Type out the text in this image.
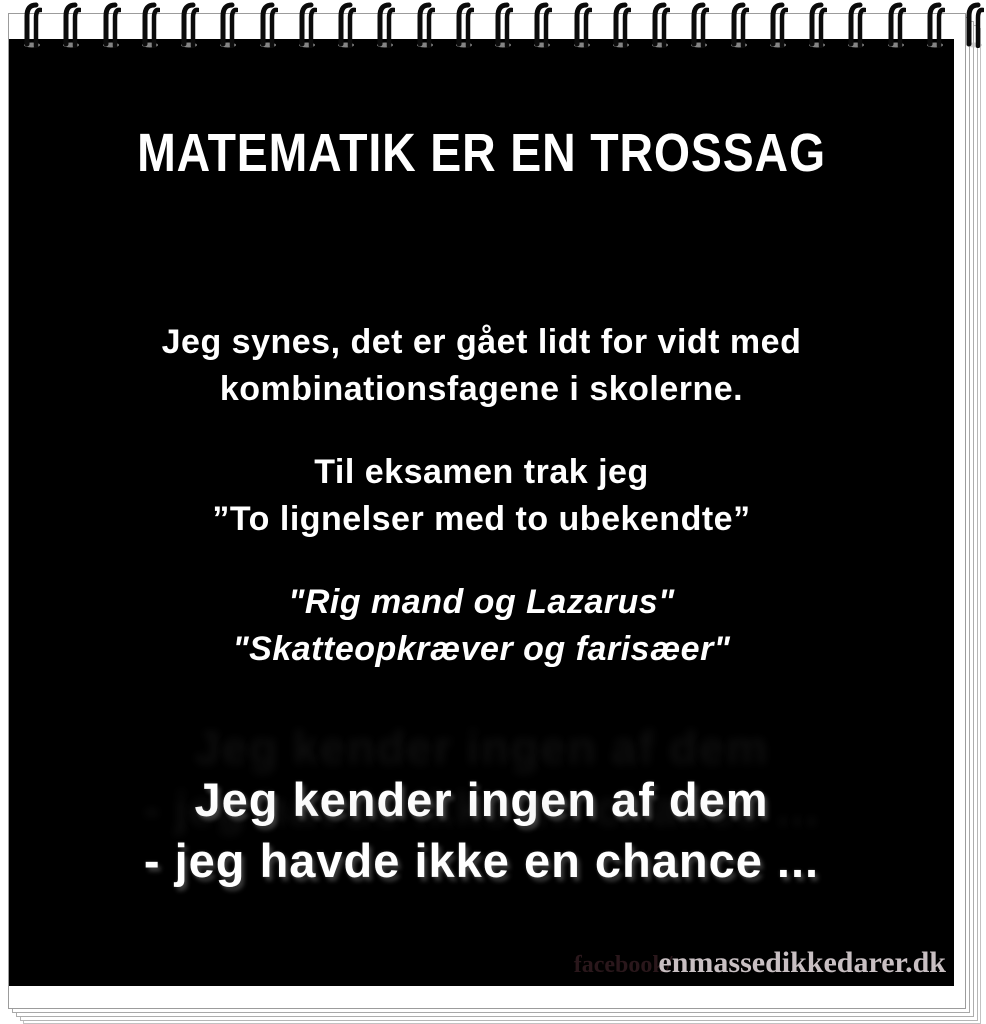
MATEMATIK ER EN TROSSAG
Jeg synes, det er gået lidt for vidt med
kombinationsfagene i skolerne.
Til eksamen trak jeg
”To lignelser med to ubekendte”
"Rig mand og Lazarus"
"Skatteopkræver og farisæer"
Jeg kender ingen af dem
- jeg havde ikke en chance ...
facebook/enmassedikkedarer.dk
